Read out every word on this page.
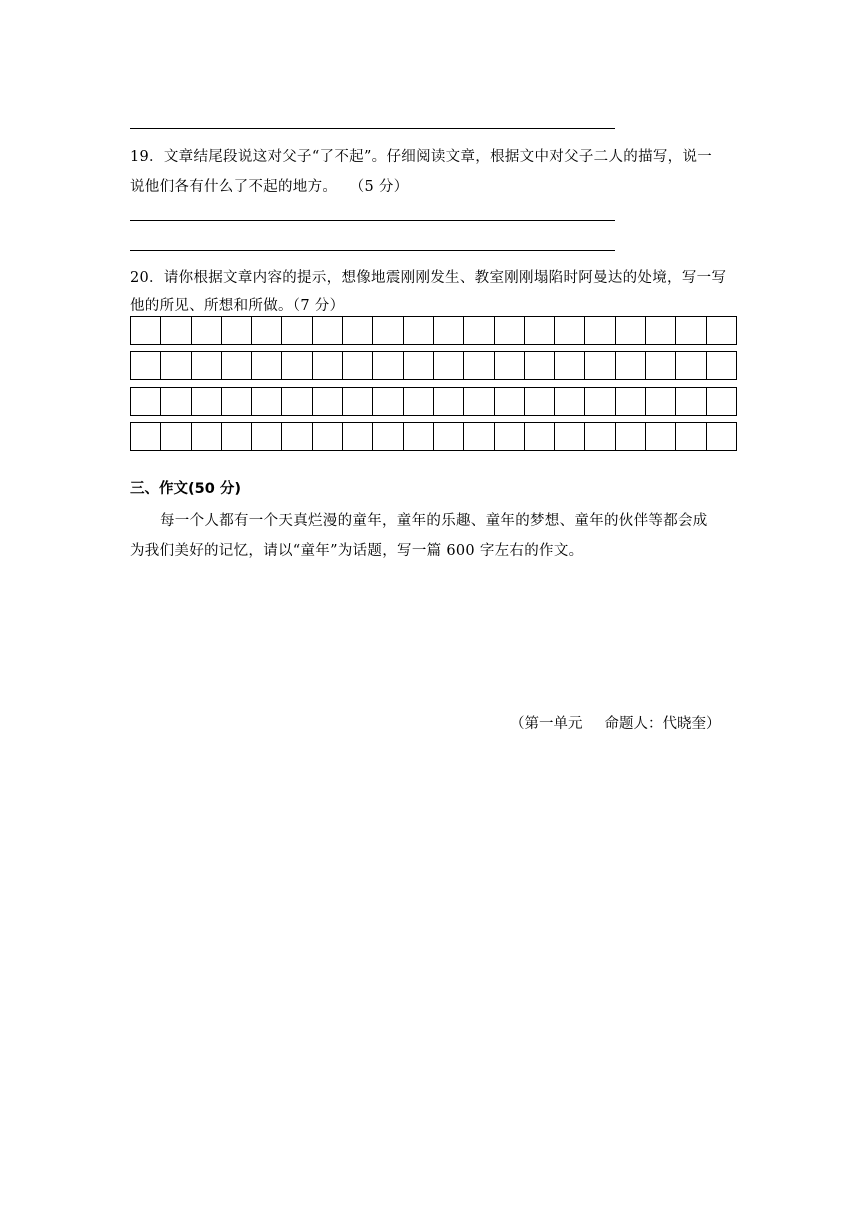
19．文章结尾段说这对父子“了不起”。仔细阅读文章，根据文中对父子二人的描写，说一
说他们各有什么了不起的地方。　 （5 分）
20．请你根据文章内容的提示，想像地震刚刚发生、教室刚刚塌陷时阿曼达的处境，写一写
他的所见、所想和所做。（7 分）
三、作文(50 分)
每一个人都有一个天真烂漫的童年，童年的乐趣、童年的梦想、童年的伙伴等都会成
为我们美好的记忆，请以“童年”为话题，写一篇 600 字左右的作文。
（第一单元 命题人：代晓奎）
